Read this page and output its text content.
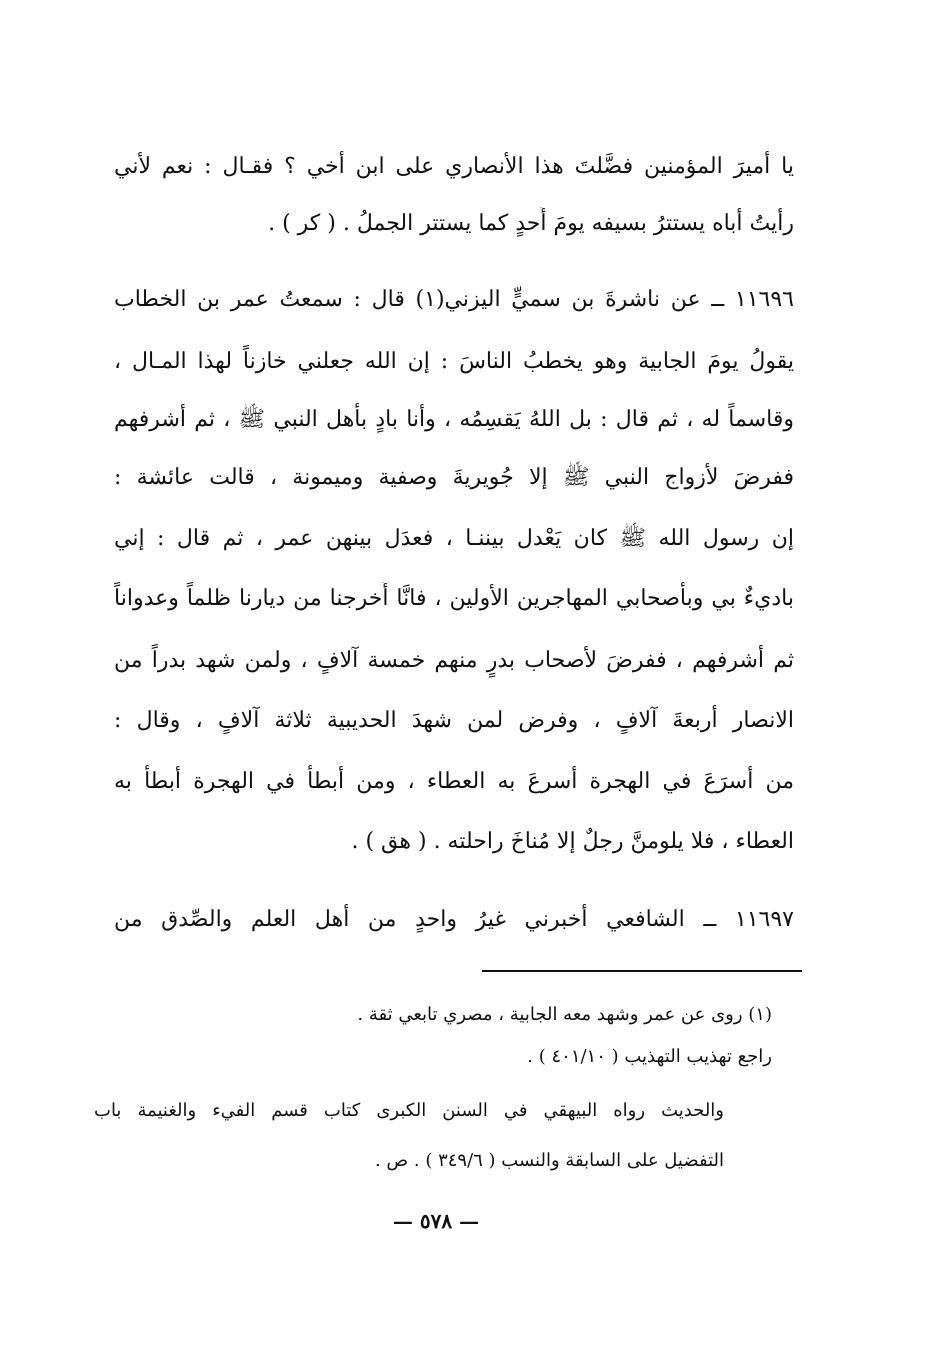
يا أميرَ المؤمنين فضَّلتَ هذا الأنصاري على ابن أخي ؟ فقـال : نعم لأني
رأيتُ أباه يستترُ بسيفه يومَ أُحدٍ كما يستتر الجملُ . ( كر ) .
١١٦٩٦ ــ عن ناشرةَ بن سميٍّ اليزني(١) قال : سمعتُ عمر بن الخطاب
يقولُ يومَ الجابية وهو يخطبُ الناسَ : إن الله جعلني خازناً لهذا المـال ،
وقاسماً له ، ثم قال : بل اللهُ يَقسِمُه ، وأنا بادٍ بأهل النبي ﷺ ، ثم أشرفهم
ففرضَ لأزواج النبي ﷺ إلا جُويريةَ وصفية وميمونة ، قالت عائشة :
إن رسول الله ﷺ كان يَعْدل بيننـا ، فعدَل بينهن عمر ، ثم قال : إني
باديءٌ بي وبأصحابي المهاجرين الأولين ، فانَّا أُخرجنا من ديارنا ظلماً وعدواناً
ثم أشرفهم ، ففرضَ لأصحاب بدرٍ منهم خمسة آلافٍ ، ولمن شهد بدراً من
الانصار أربعةَ آلافٍ ، وفرض لمن شهدَ الحديبية ثلاثة آلافٍ ، وقال :
من أسرَعَ في الهجرة أسرعَ به العطاء ، ومن أبطأ في الهجرة أبطأ به
العطاء ، فلا يلومنَّ رجلٌ إلا مُناخَ راحلته . ( هق ) .
١١٦٩٧ ــ الشافعي أخبرني غيرُ واحدٍ من أهل العلم والصِّدق من
(١) روى عن عمر وشهد معه الجابية ، مصري تابعي ثقة .
راجع تهذيب التهذيب ( ٤٠١/١٠ ) .
والحديث رواه البيهقي في السنن الكبرى كتاب قسم الفيء والغنيمة باب
التفضيل على السابقة والنسب ( ٣٤٩/٦ ) . ص .
— ٥٧٨ —
